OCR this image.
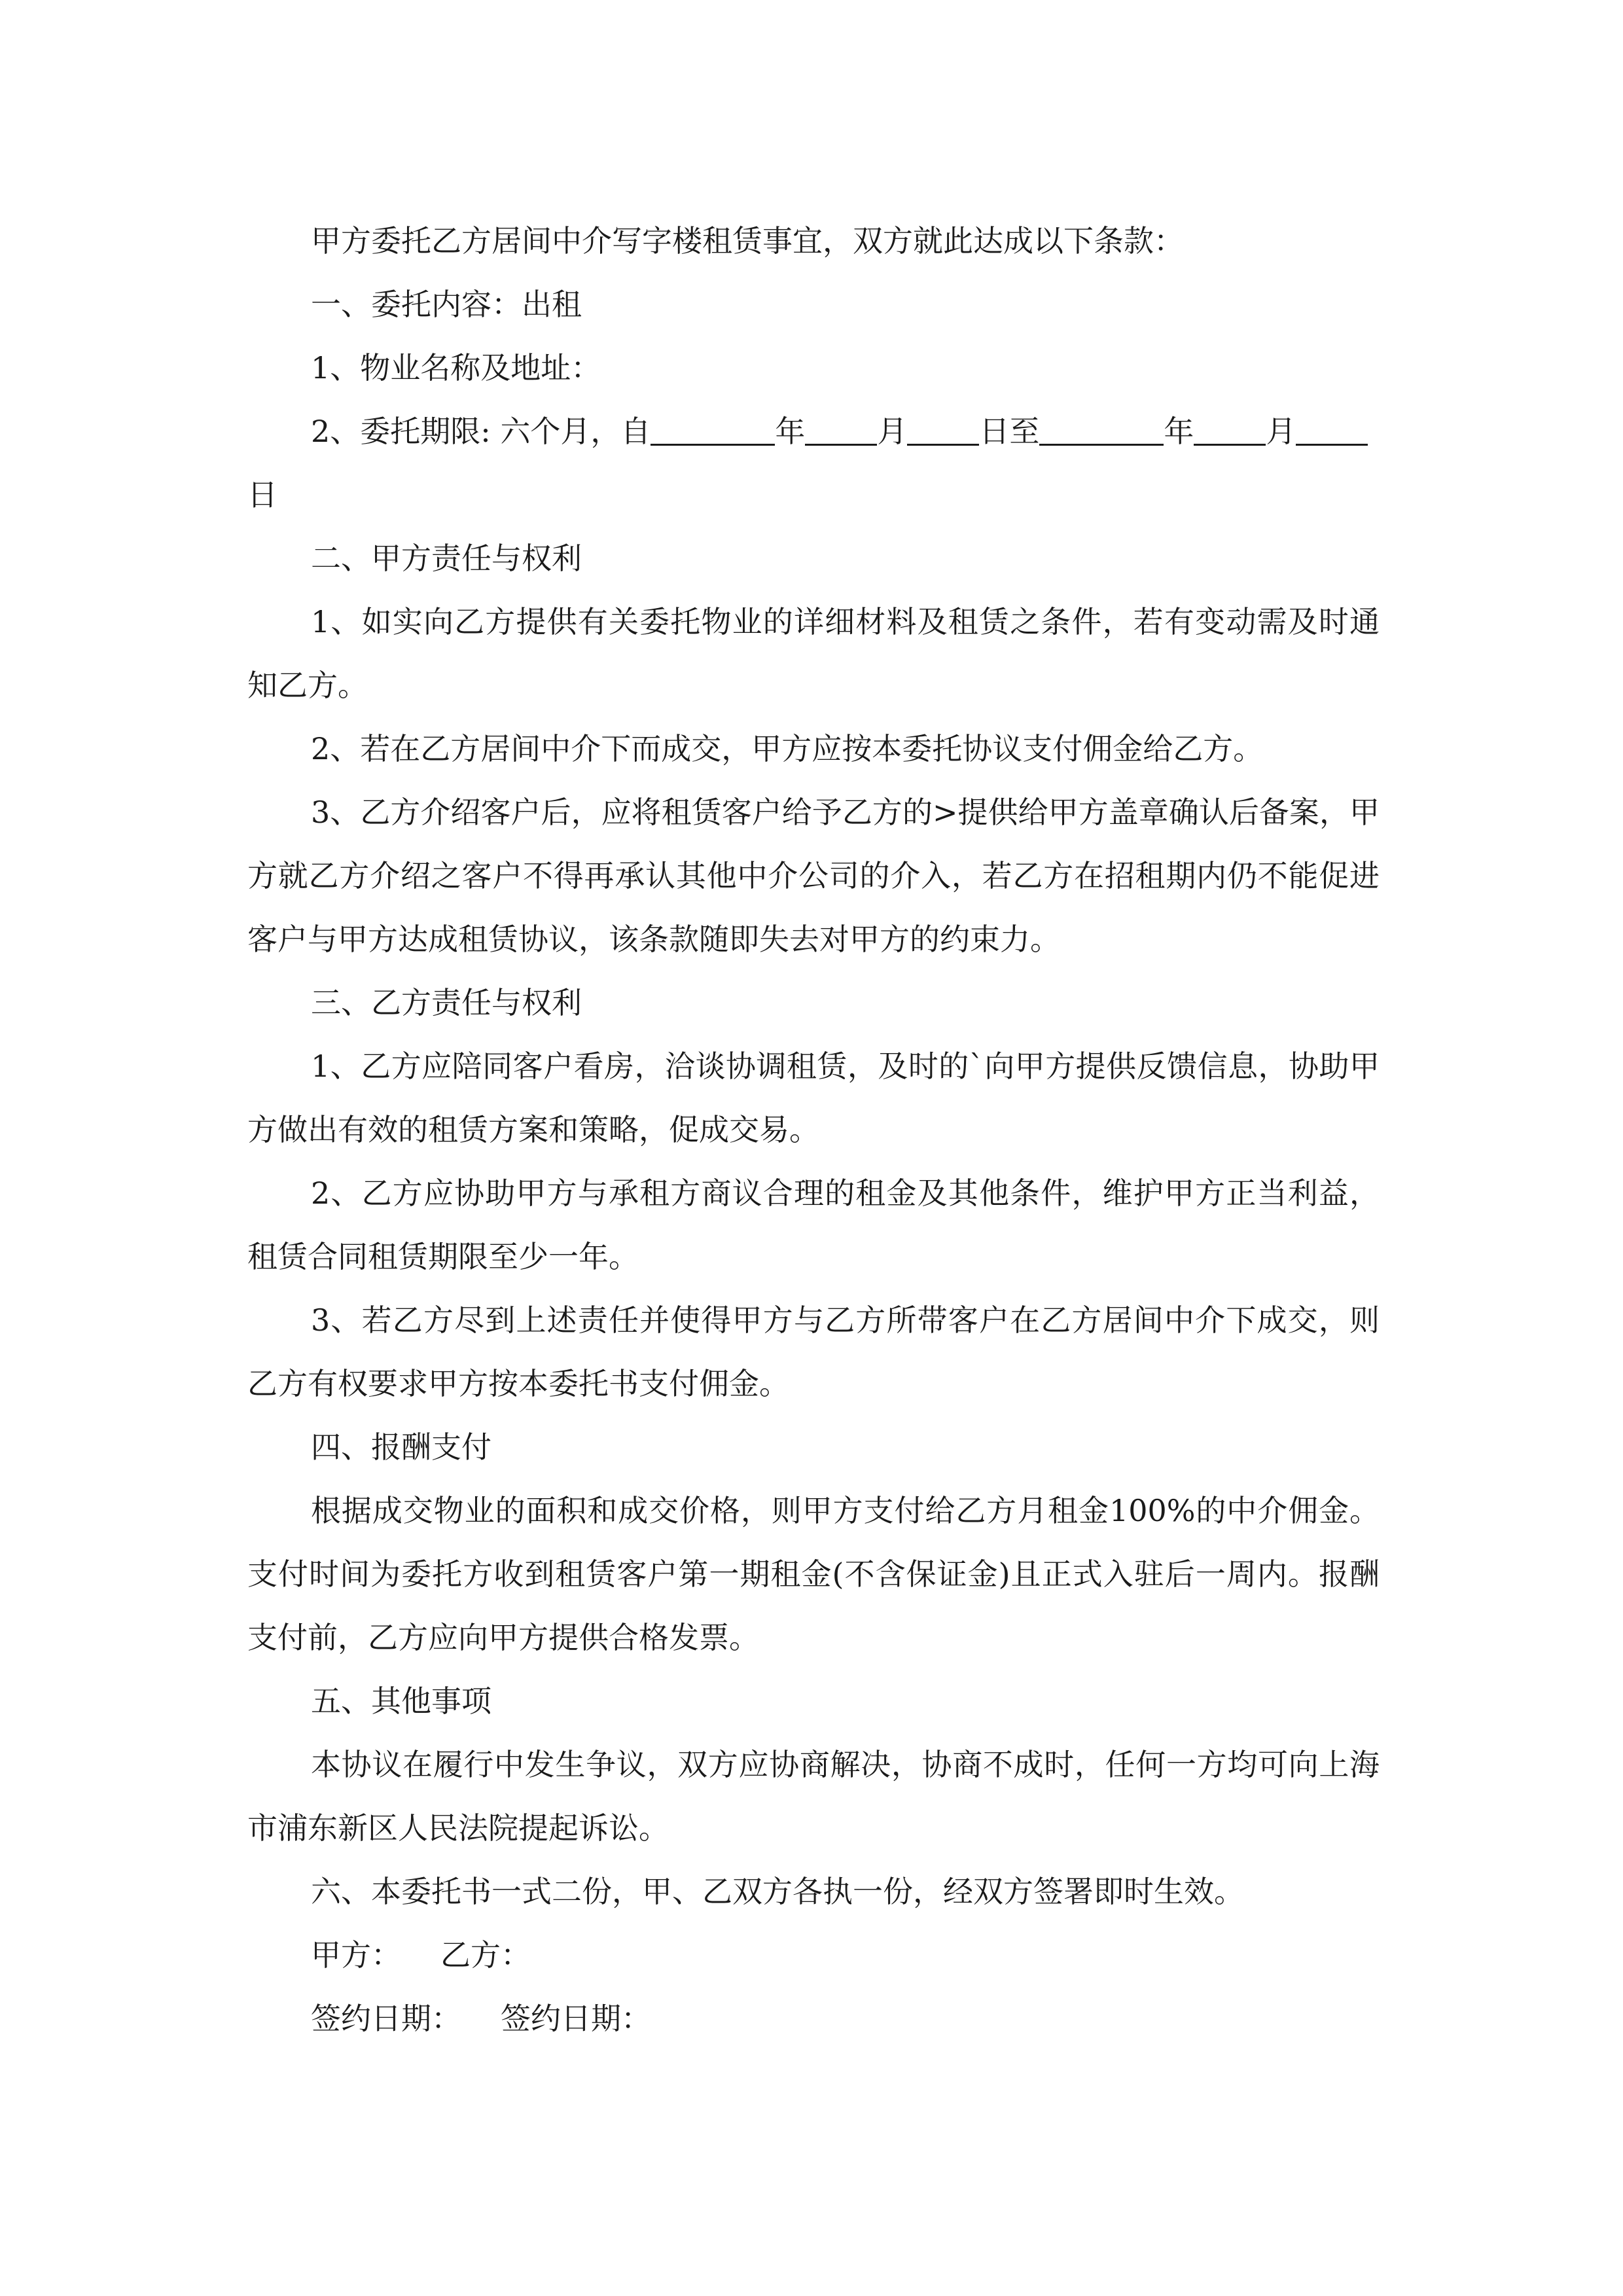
甲方委托乙方居间中介写字楼租赁事宜，双方就此达成以下条款：

一、委托内容：出租

1、物业名称及地址：

2、委托期限: 六个月，自	年 月 日至	年 月
日

二、甲方责任与权利

1、如实向乙方提供有关委托物业的详细材料及租赁之条件，若有变动需及时通知乙方。

2、若在乙方居间中介下而成交，甲方应按本委托协议支付佣金给乙方。

3、乙方介绍客户后，应将租赁客户给予乙方的>提供给甲方盖章确认后备案，甲方就乙方介绍之客户不得再承认其他中介公司的介入，若乙方在招租期内仍不能促进客户与甲方达成租赁协议，该条款随即失去对甲方的约束力。

三、乙方责任与权利

1、乙方应陪同客户看房，洽谈协调租赁，及时的`向甲方提供反馈信息，协助甲方做出有效的租赁方案和策略，促成交易。

2、乙方应协助甲方与承租方商议合理的租金及其他条件，维护甲方正当利益，租赁合同租赁期限至少一年。

3、若乙方尽到上述责任并使得甲方与乙方所带客户在乙方居间中介下成交，则乙方有权要求甲方按本委托书支付佣金。

四、报酬支付

根据成交物业的面积和成交价格，则甲方支付给乙方月租金100%的中介佣金。支付时间为委托方收到租赁客户第一期租金(不含保证金)且正式入驻后一周内。报酬支付前，乙方应向甲方提供合格发票。

五、其他事项

本协议在履行中发生争议，双方应协商解决，协商不成时，任何一方均可向上海市浦东新区人民法院提起诉讼。

六、本委托书一式二份，甲、乙双方各执一份，经双方签署即时生效。

甲方： 乙方：

签约日期： 签约日期：
